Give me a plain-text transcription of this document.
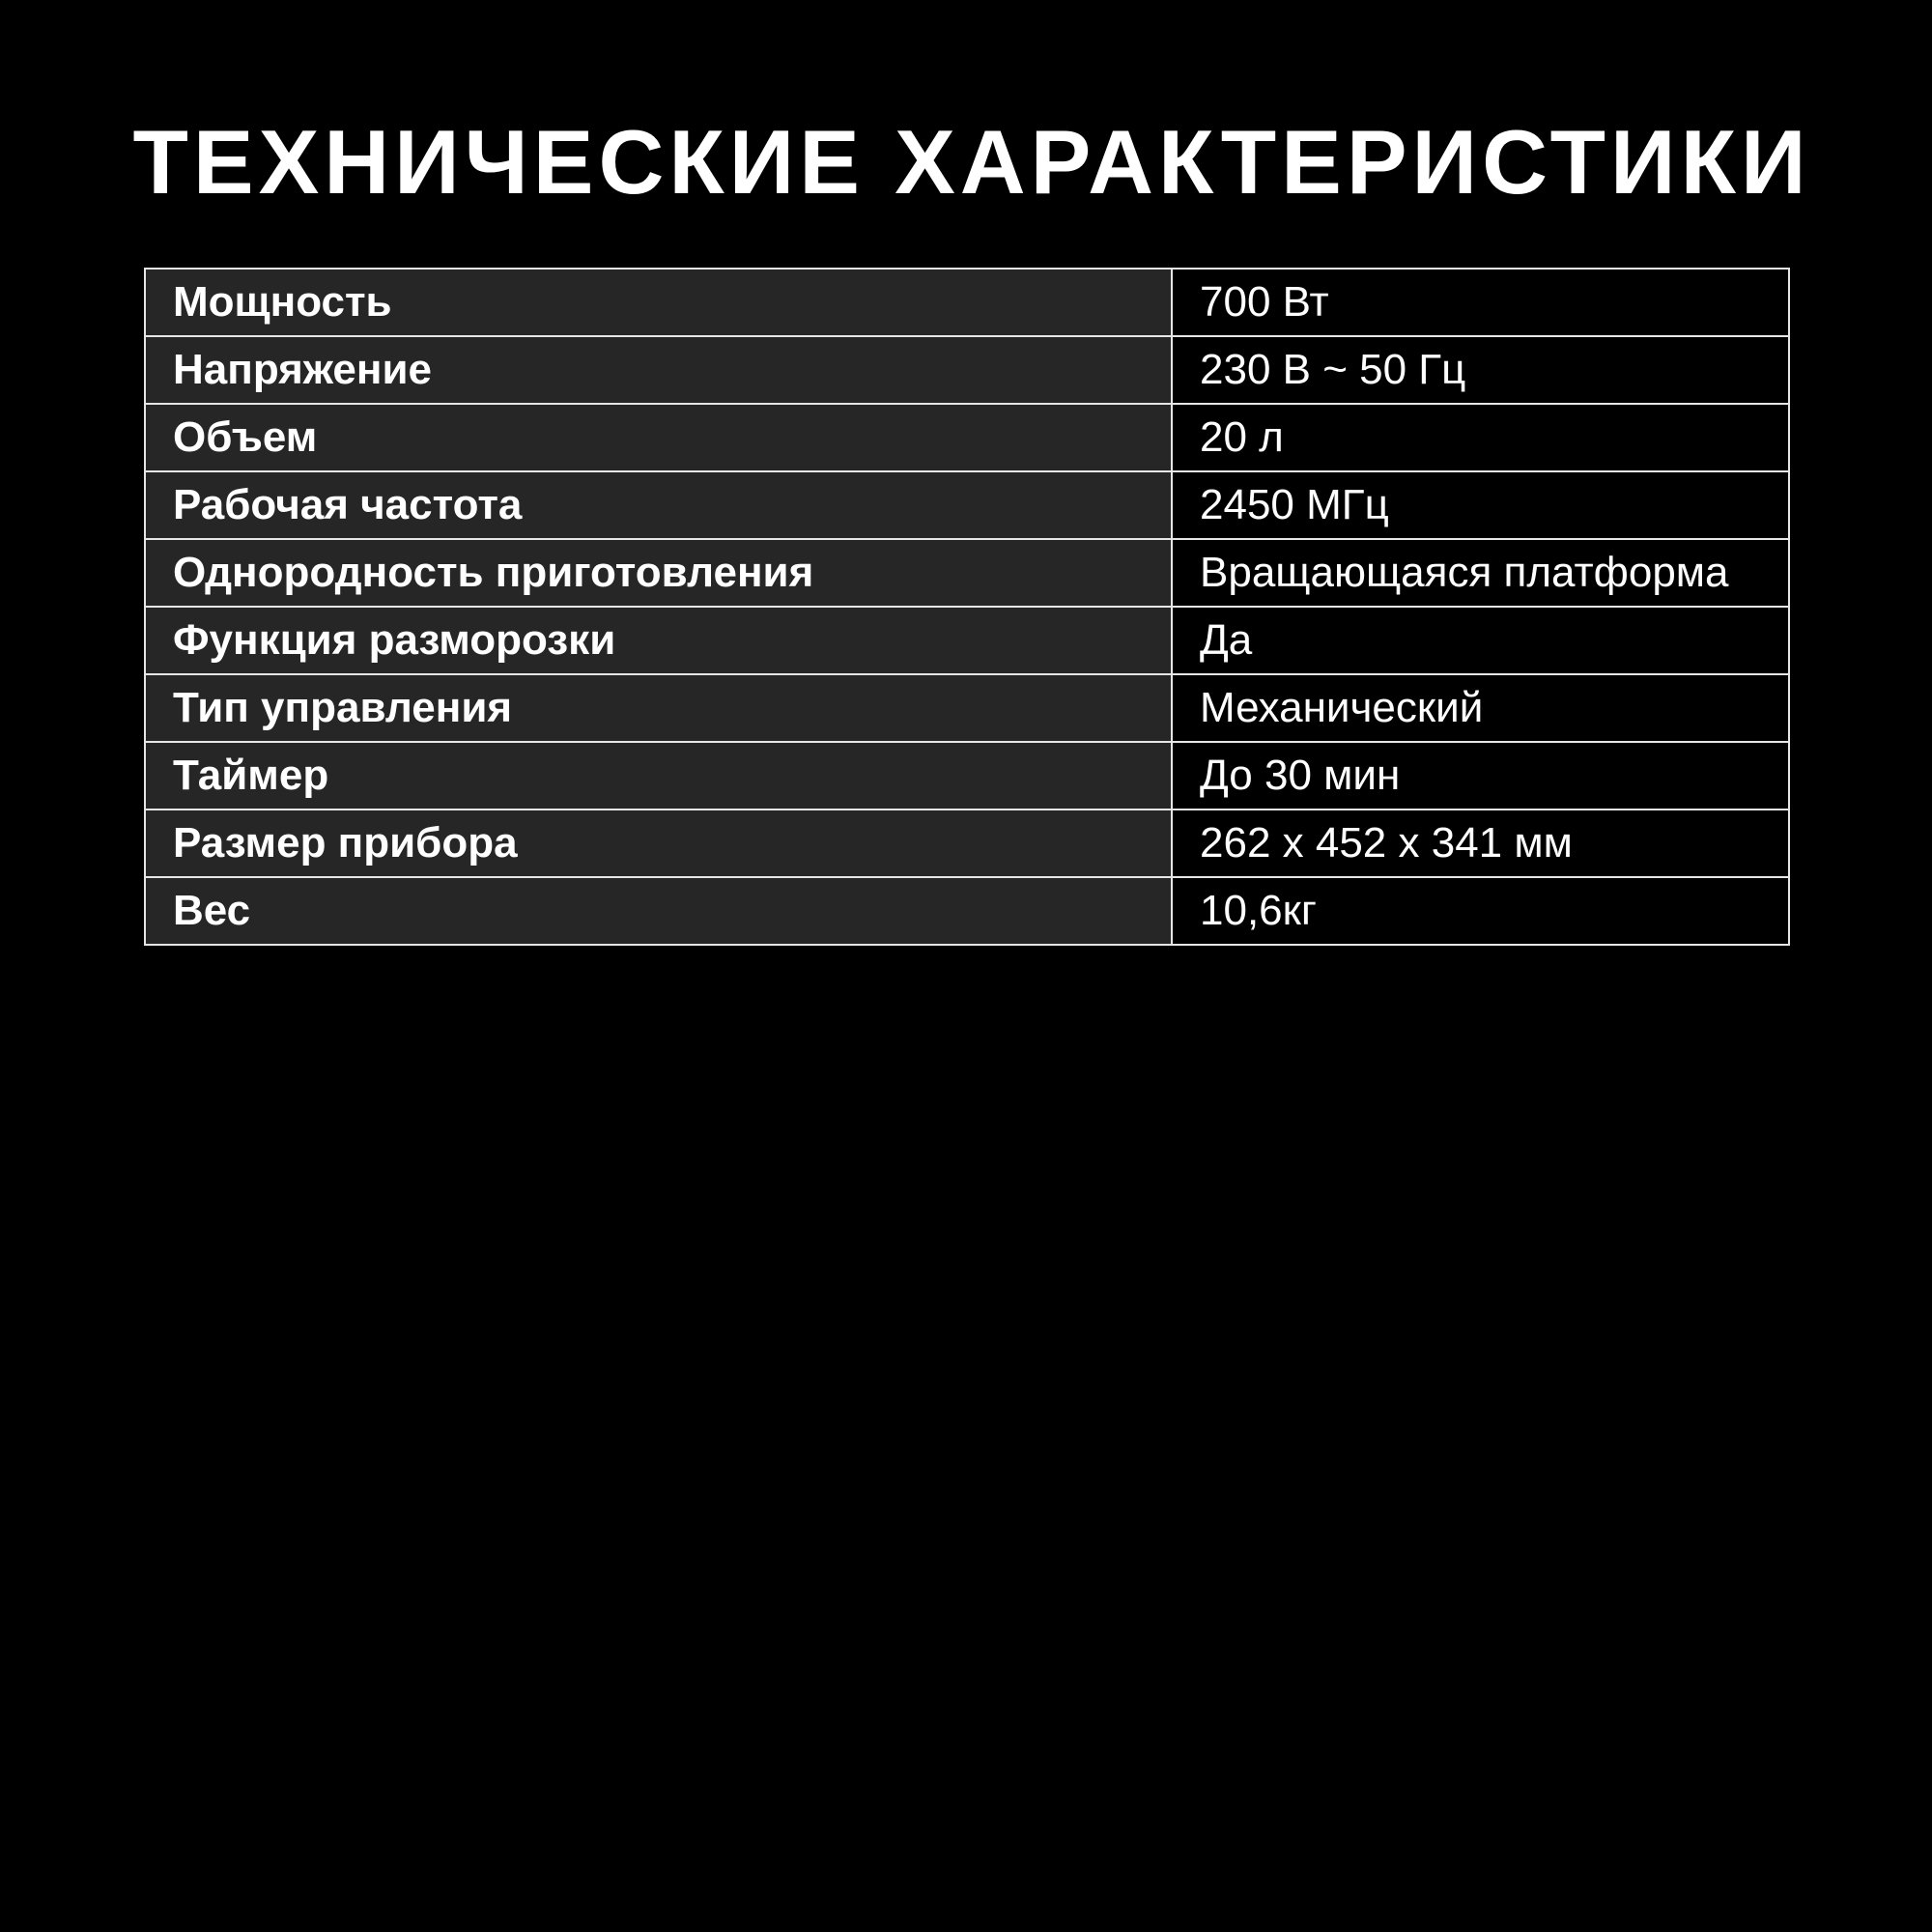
ТЕХНИЧЕСКИЕ ХАРАКТЕРИСТИКИ
Мощность	700 Вт
Напряжение	230 В ~ 50 Гц
Объем	20 л
Рабочая частота	2450 МГц
Однородность приготовления	Вращающаяся платформа
Функция разморозки	Да
Тип управления	Механический
Таймер	До 30 мин
Размер прибора	262 х 452 х 341 мм
Вес	10,6кг
